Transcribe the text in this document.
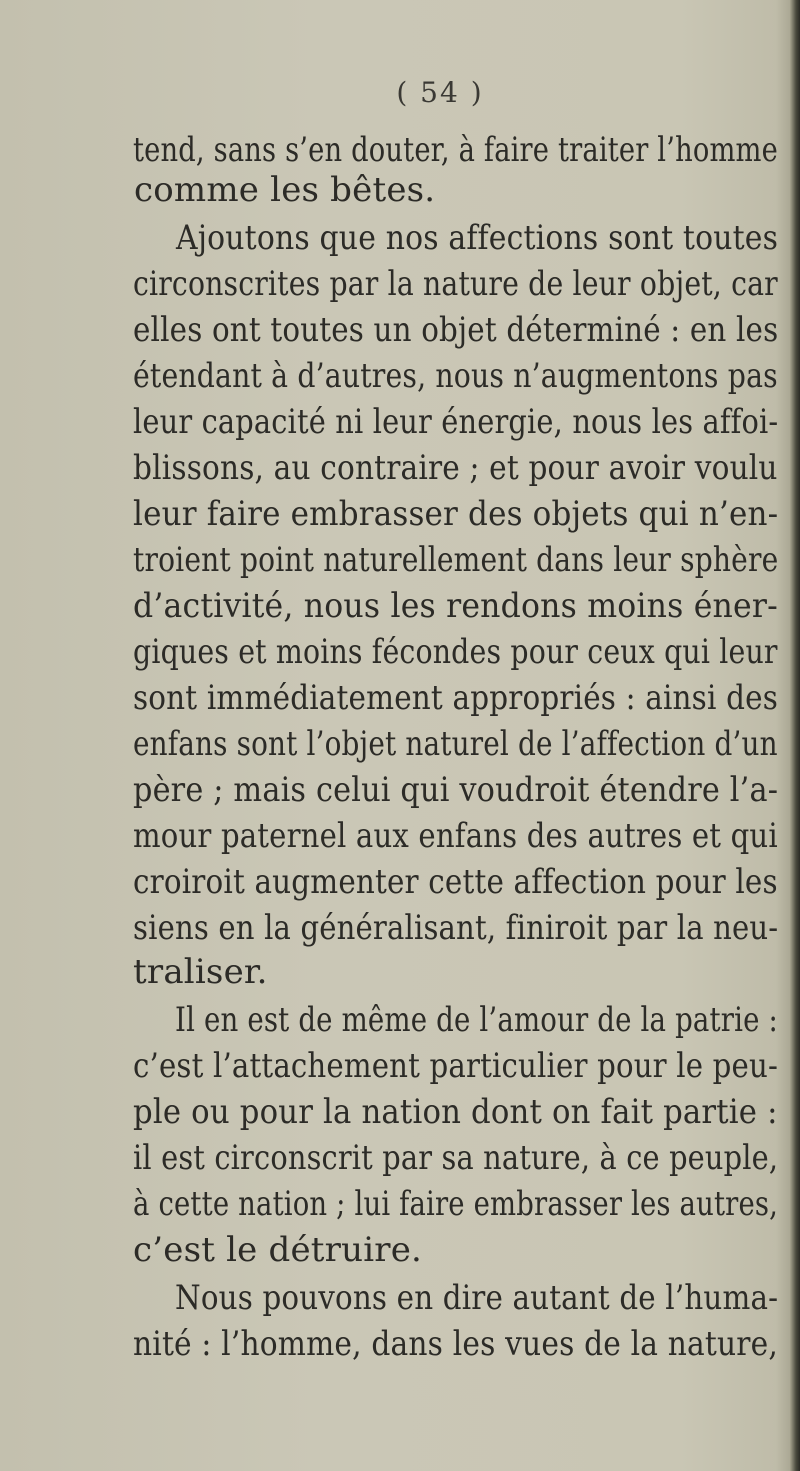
( 54 )
tend, sans s’en douter, à faire traiter l’homme
comme les bêtes.
Ajoutons que nos affections sont toutes
circonscrites par la nature de leur objet, car
elles ont toutes un objet déterminé : en les
étendant à d’autres, nous n’augmentons pas
leur capacité ni leur énergie, nous les affoi-
blissons, au contraire ; et pour avoir voulu
leur faire embrasser des objets qui n’en-
troient point naturellement dans leur sphère
d’activité, nous les rendons moins éner-
giques et moins fécondes pour ceux qui leur
sont immédiatement appropriés : ainsi des
enfans sont l’objet naturel de l’affection d’un
père ; mais celui qui voudroit étendre l’a-
mour paternel aux enfans des autres et qui
croiroit augmenter cette affection pour les
siens en la généralisant, finiroit par la neu-
traliser.
Il en est de même de l’amour de la patrie :
c’est l’attachement particulier pour le peu-
ple ou pour la nation dont on fait partie :
il est circonscrit par sa nature, à ce peuple,
à cette nation ; lui faire embrasser les autres,
c’est le détruire.
Nous pouvons en dire autant de l’huma-
nité : l’homme, dans les vues de la nature,
